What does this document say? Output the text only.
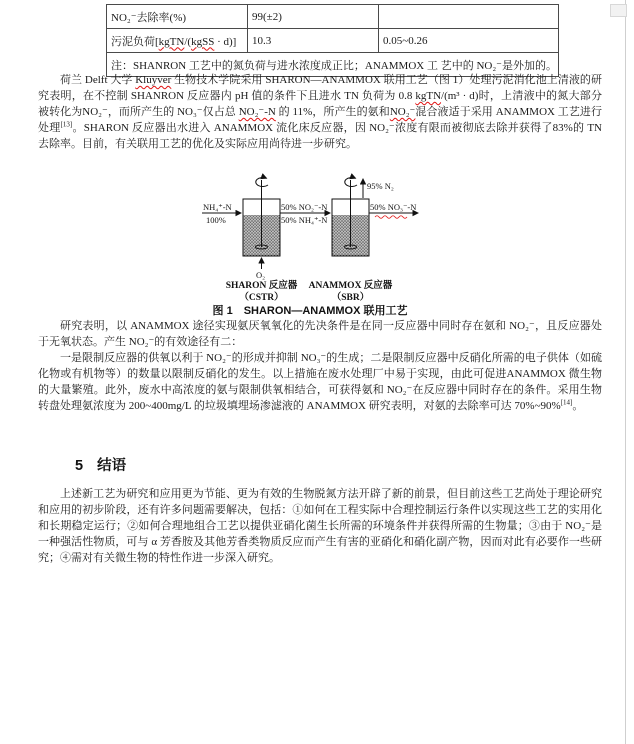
NO₂⁻去除率(%)	99(±2)	
污泥负荷[kgTN/(kgSS · d)]	10.3	0.05~0.26
注：SHANRON 工艺中的氮负荷与进水浓度成正比；ANAMMOX 工 艺中的 NO₂⁻是外加的。		
荷兰 Delft 大学 Kluyver 生物技术学院采用 SHARON—ANAMMOX 联用工艺（图 1）处理污泥消化池上清液的研究表明，在不控制 SHANRON 反应器内 pH 值的条件下且进水 TN 负荷为 0.8 kgTN/(m³ · d)时，上清液中的氮大部分被转化为NO₂⁻，而所产生的 NO₃⁻仅占总 NO₂⁻-N 的 11%，所产生的氨和NO₂⁻混合液适于采用 ANAMMOX 工艺进行处理[13]。SHARON 反应器出水进入 ANAMMOX 流化床反应器，因 NO₂⁻浓度有限而被彻底去除并获得了83%的 TN 去除率。目前，有关联用工艺的优化及实际应用尚待进一步研究。
NH₄⁺-N
100%
50% NO₂⁻-N
50% NH₄⁺-N
50% NO₃⁻-N
95% N₂
O₂
SHARON 反应器
（CSTR）
ANAMMOX 反应器
（SBR）
图 1　SHARON—ANAMMOX 联用工艺
研究表明，以 ANAMMOX 途径实现氨厌氧氧化的先决条件是在同一反应器中同时存在氨和 NO₂⁻，且反应器处于无氧状态。产生 NO₂⁻的有效途径有二：
一是限制反应器的供氧以利于 NO₂⁻的形成并抑制 NO₃⁻的生成；二是限制反应器中反硝化所需的电子供体（如硫化物或有机物等）的数量以限制反硝化的发生。以上措施在废水处理厂中易于实现，由此可促进ANAMMOX 微生物的大量繁殖。此外，废水中高浓度的氨与限制供氧相结合，可获得氨和 NO₂⁻在反应器中同时存在的条件。采用生物转盘处理氨浓度为 200~400mg/L 的垃圾填埋场渗滤液的 ANAMMOX 研究表明，对氨的去除率可达 70%~90%[14]。
5 结语
上述新工艺为研究和应用更为节能、更为有效的生物脱氮方法开辟了新的前景，但目前这些工艺尚处于理论研究和应用的初步阶段，还有许多问题需要解决，包括：①如何在工程实际中合理控制运行条件以实现这些工艺的实用化和长期稳定运行；②如何合理地组合工艺以提供亚硝化菌生长所需的环境条件并获得所需的生物量；③由于 NO₂⁻是一种强活性物质，可与 α 芳香胺及其他芳香类物质反应而产生有害的亚硝化和硝化副产物，因而对此有必要作一些研究；④需对有关微生物的特性作进一步深入研究。
